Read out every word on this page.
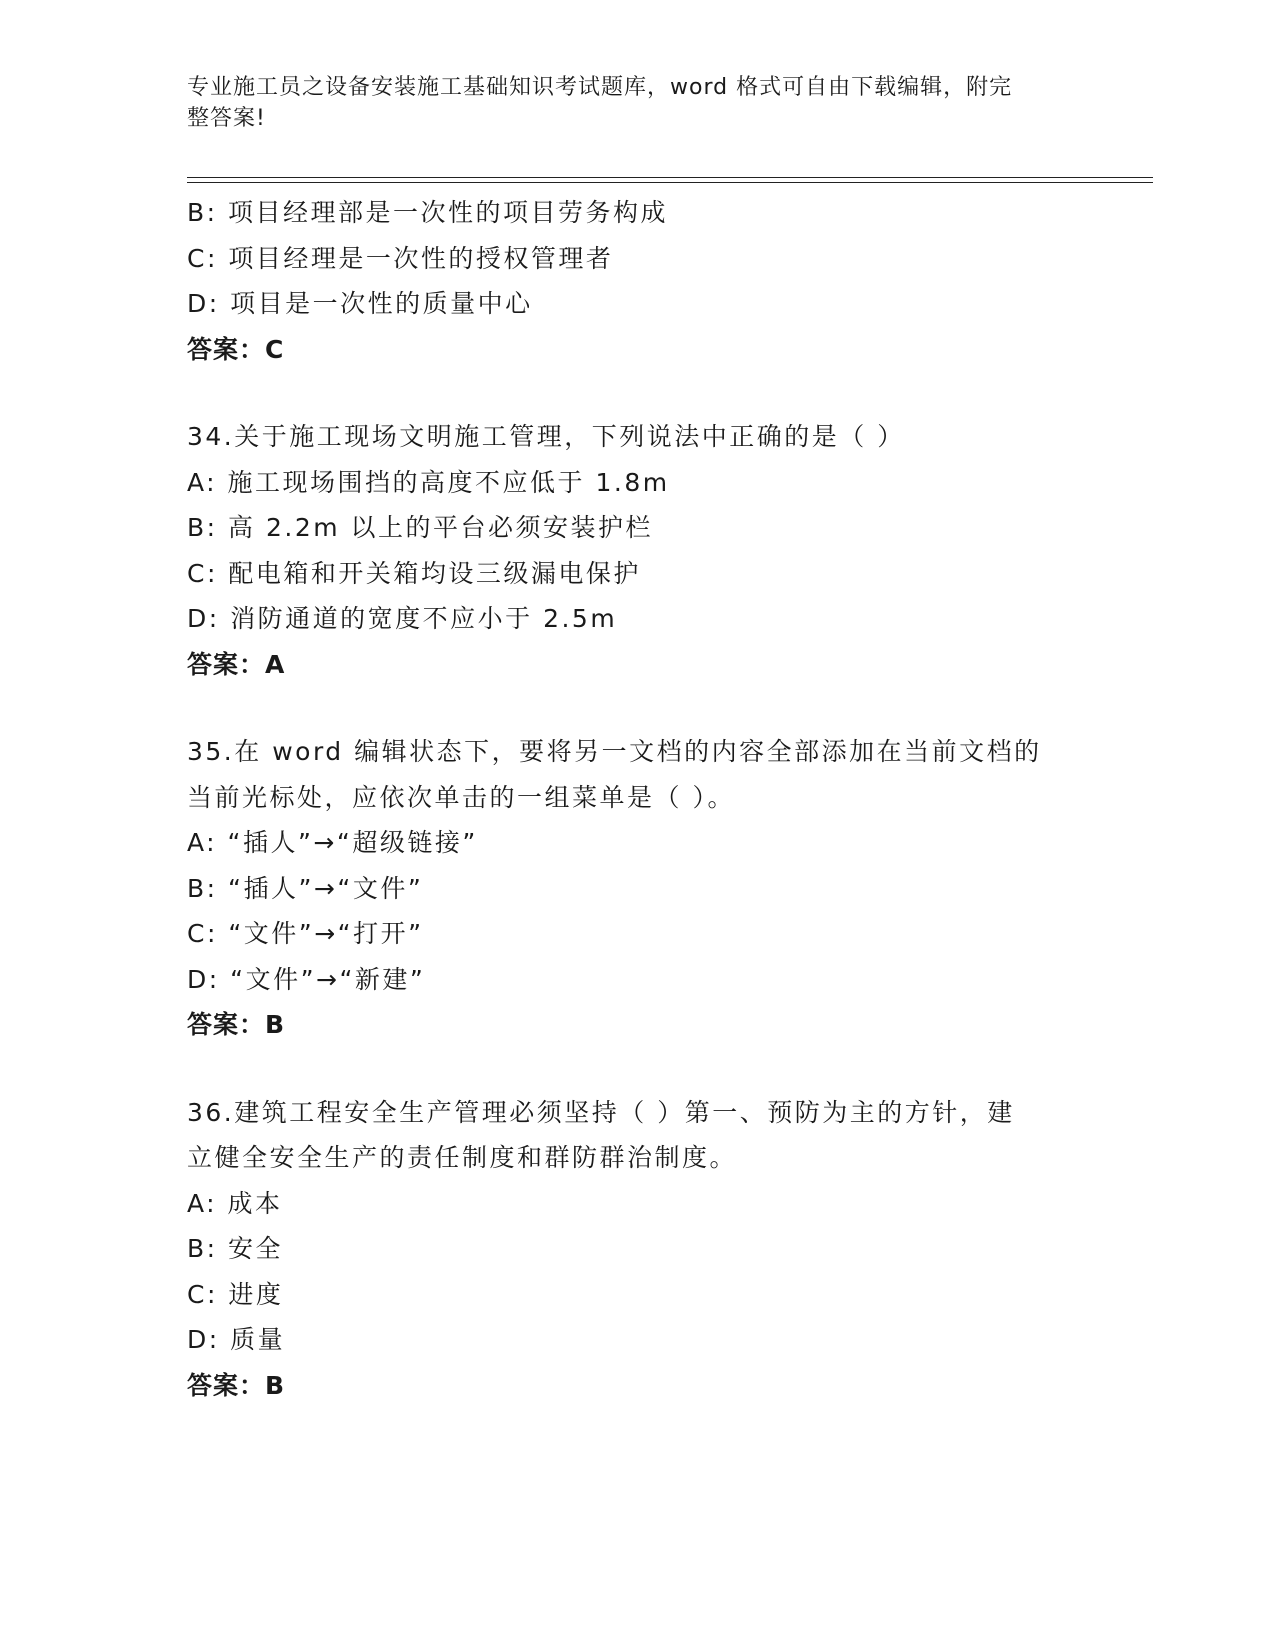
专业施工员之设备安装施工基础知识考试题库，word 格式可自由下载编辑，附完
整答案!
B: 项目经理部是一次性的项目劳务构成
C: 项目经理是一次性的授权管理者
D: 项目是一次性的质量中心
答案：C
34.关于施工现场文明施工管理，下列说法中正确的是（ ）
A: 施工现场围挡的高度不应低于 1.8m
B: 高 2.2m 以上的平台必须安装护栏
C: 配电箱和开关箱均设三级漏电保护
D: 消防通道的宽度不应小于 2.5m
答案：A
35.在 word 编辑状态下，要将另一文档的内容全部添加在当前文档的
当前光标处，应依次单击的一组菜单是（ ）。
A: “插人”→“超级链接”
B: “插人”→“文件”
C: “文件”→“打开”
D: “文件”→“新建”
答案：B
36.建筑工程安全生产管理必须坚持（ ）第一、预防为主的方针，建
立健全安全生产的责任制度和群防群治制度。
A: 成本
B: 安全
C: 进度
D: 质量
答案：B
